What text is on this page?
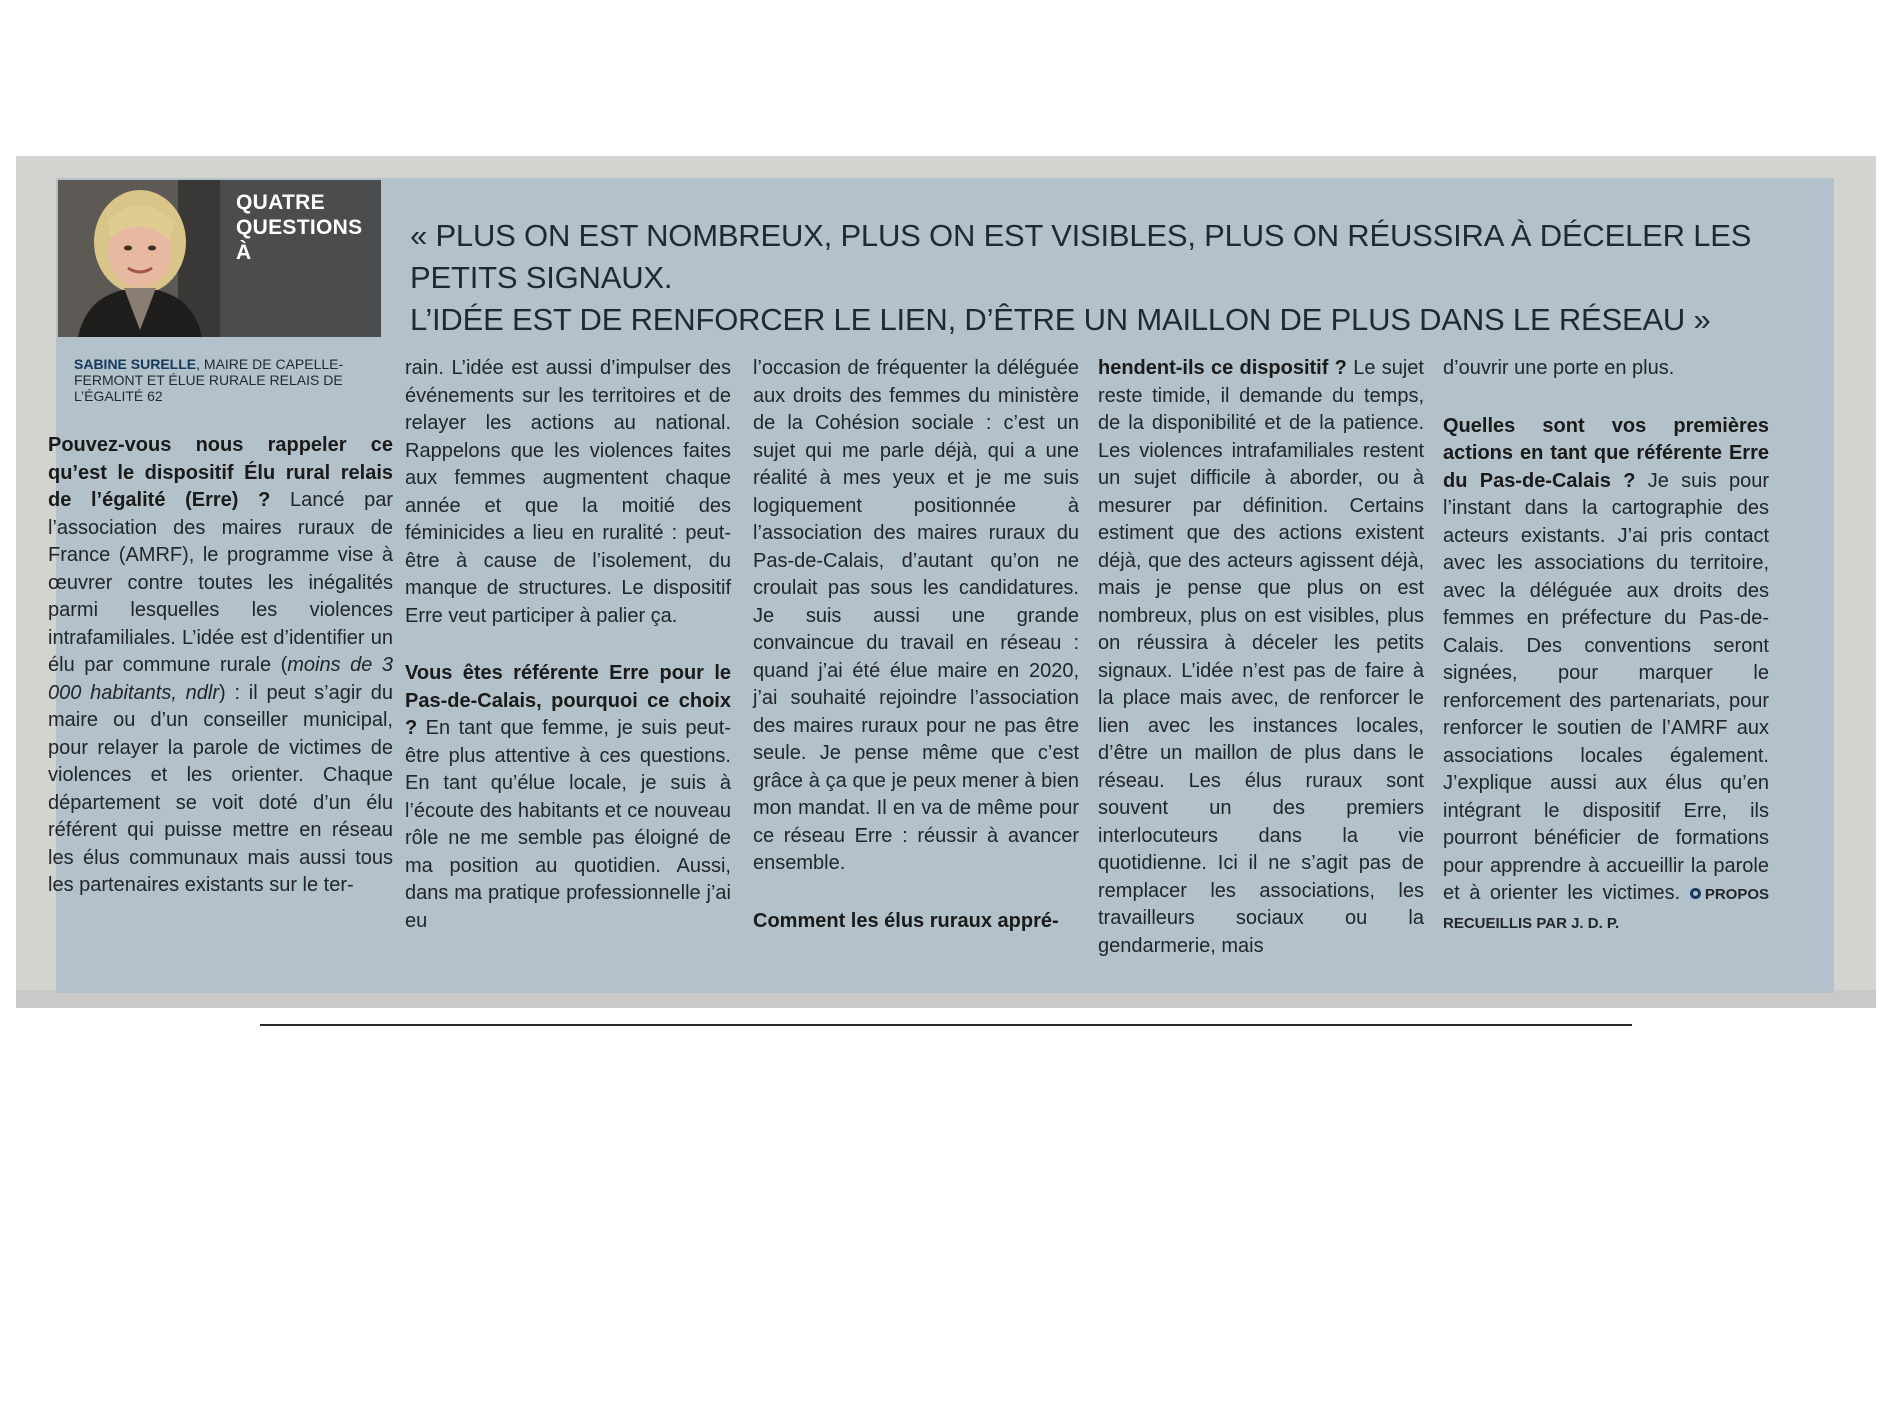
QUATRE
QUESTIONS
À	« PLUS ON EST NOMBREUX, PLUS ON EST VISIBLES, PLUS ON RÉUSSIRA À DÉCELER LES PETITS SIGNAUX.
L’IDÉE EST DE RENFORCER LE LIEN, D’ÊTRE UN MAILLON DE PLUS DANS LE RÉSEAU »
SABINE SURELLE, MAIRE DE CAPELLE-FERMONT ET ÉLUE RURALE RELAIS DE L’ÉGALITÉ 62

Pouvez-vous nous rappeler ce qu’est le dispositif Élu rural relais de l’égalité (Erre) ? Lancé par l’association des maires ruraux de France (AMRF), le programme vise à œuvrer contre toutes les inégalités parmi lesquelles les violences intrafamiliales. L’idée est d’identifier un élu par commune rurale (moins de 3 000 habitants, ndlr) : il peut s’agir du maire ou d’un conseiller municipal, pour relayer la parole de victimes de violences et les orienter. Chaque département se voit doté d’un élu référent qui puisse mettre en réseau les élus communaux mais aussi tous les partenaires existants sur le ter-

rain. L’idée est aussi d’impulser des événements sur les territoires et de relayer les actions au national. Rappelons que les violences faites aux femmes augmentent chaque année et que la moitié des féminicides a lieu en ruralité : peut-être à cause de l’isolement, du manque de structures. Le dispositif Erre veut participer à palier ça.

Vous êtes référente Erre pour le Pas-de-Calais, pourquoi ce choix ? En tant que femme, je suis peut-être plus attentive à ces questions. En tant qu’élue locale, je suis à l’écoute des habitants et ce nouveau rôle ne me semble pas éloigné de ma position au quotidien. Aussi, dans ma pratique professionnelle j’ai eu

l’occasion de fréquenter la déléguée aux droits des femmes du ministère de la Cohésion sociale : c’est un sujet qui me parle déjà, qui a une réalité à mes yeux et je me suis logiquement positionnée à l’association des maires ruraux du Pas-de-Calais, d’autant qu’on ne croulait pas sous les candidatures. Je suis aussi une grande convaincue du travail en réseau : quand j’ai été élue maire en 2020, j’ai souhaité rejoindre l’association des maires ruraux pour ne pas être seule. Je pense même que c’est grâce à ça que je peux mener à bien mon mandat. Il en va de même pour ce réseau Erre : réussir à avancer ensemble.

Comment les élus ruraux appré-

hendent-ils ce dispositif ? Le sujet reste timide, il demande du temps, de la disponibilité et de la patience. Les violences intrafamiliales restent un sujet difficile à aborder, ou à mesurer par définition. Certains estiment que des actions existent déjà, que des acteurs agissent déjà, mais je pense que plus on est nombreux, plus on est visibles, plus on réussira à déceler les petits signaux. L’idée n’est pas de faire à la place mais avec, de renforcer le lien avec les instances locales, d’être un maillon de plus dans le réseau. Les élus ruraux sont souvent un des premiers interlocuteurs dans la vie quotidienne. Ici il ne s’agit pas de remplacer les associations, les travailleurs sociaux ou la gendarmerie, mais

d’ouvrir une porte en plus.

Quelles sont vos premières actions en tant que référente Erre du Pas-de-Calais ? Je suis pour l’instant dans la cartographie des acteurs existants. J’ai pris contact avec les associations du territoire, avec la déléguée aux droits des femmes en préfecture du Pas-de-Calais. Des conventions seront signées, pour marquer le renforcement des partenariats, pour renforcer le soutien de l’AMRF aux associations locales également. J’explique aussi aux élus qu’en intégrant le dispositif Erre, ils pourront bénéficier de formations pour apprendre à accueillir la parole et à orienter les victimes. PROPOS RECUEILLIS PAR J. D. P.
